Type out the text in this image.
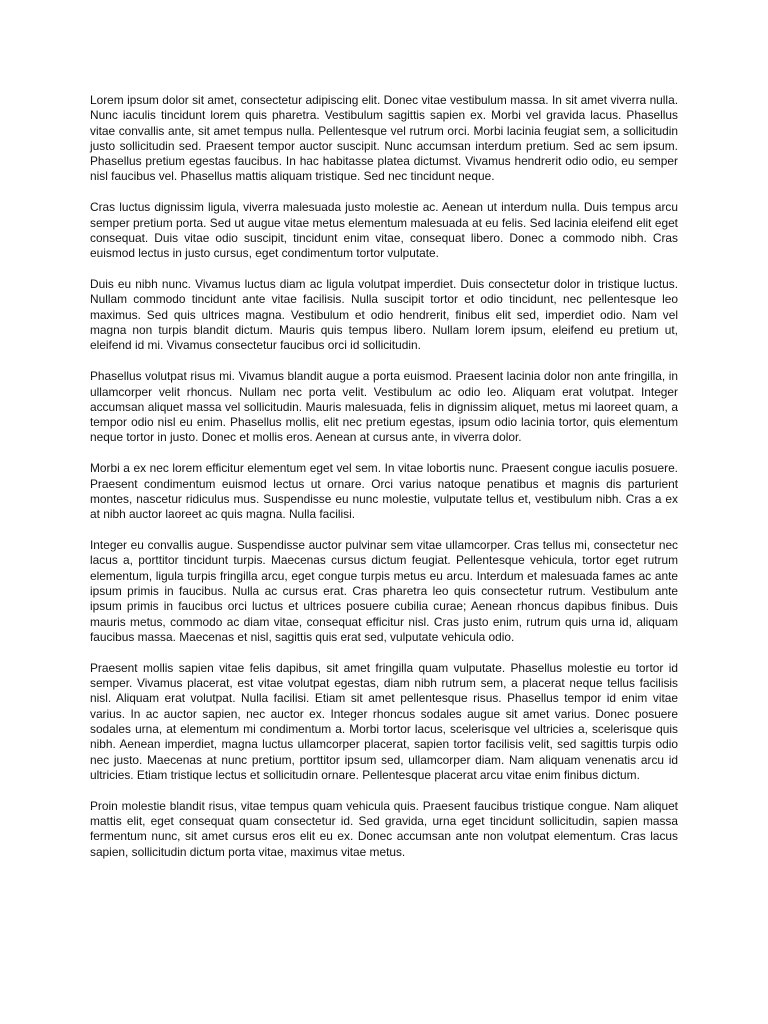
Lorem ipsum dolor sit amet, consectetur adipiscing elit. Donec vitae vestibulum massa. In sit amet viverra nulla. Nunc iaculis tincidunt lorem quis pharetra. Vestibulum sagittis sapien ex. Morbi vel gravida lacus. Phasellus vitae convallis ante, sit amet tempus nulla. Pellentesque vel rutrum orci. Morbi lacinia feugiat sem, a sollicitudin justo sollicitudin sed. Praesent tempor auctor suscipit. Nunc accumsan interdum pretium. Sed ac sem ipsum. Phasellus pretium egestas faucibus. In hac habitasse platea dictumst. Vivamus hendrerit odio odio, eu semper nisl faucibus vel. Phasellus mattis aliquam tristique. Sed nec tincidunt neque.

Cras luctus dignissim ligula, viverra malesuada justo molestie ac. Aenean ut interdum nulla. Duis tempus arcu semper pretium porta. Sed ut augue vitae metus elementum malesuada at eu felis. Sed lacinia eleifend elit eget consequat. Duis vitae odio suscipit, tincidunt enim vitae, consequat libero. Donec a commodo nibh. Cras euismod lectus in justo cursus, eget condimentum tortor vulputate.

Duis eu nibh nunc. Vivamus luctus diam ac ligula volutpat imperdiet. Duis consectetur dolor in tristique luctus. Nullam commodo tincidunt ante vitae facilisis. Nulla suscipit tortor et odio tincidunt, nec pellentesque leo maximus. Sed quis ultrices magna. Vestibulum et odio hendrerit, finibus elit sed, imperdiet odio. Nam vel magna non turpis blandit dictum. Mauris quis tempus libero. Nullam lorem ipsum, eleifend eu pretium ut, eleifend id mi. Vivamus consectetur faucibus orci id sollicitudin.

Phasellus volutpat risus mi. Vivamus blandit augue a porta euismod. Praesent lacinia dolor non ante fringilla, in ullamcorper velit rhoncus. Nullam nec porta velit. Vestibulum ac odio leo. Aliquam erat volutpat. Integer accumsan aliquet massa vel sollicitudin. Mauris malesuada, felis in dignissim aliquet, metus mi laoreet quam, a tempor odio nisl eu enim. Phasellus mollis, elit nec pretium egestas, ipsum odio lacinia tortor, quis elementum neque tortor in justo. Donec et mollis eros. Aenean at cursus ante, in viverra dolor.

Morbi a ex nec lorem efficitur elementum eget vel sem. In vitae lobortis nunc. Praesent congue iaculis posuere. Praesent condimentum euismod lectus ut ornare. Orci varius natoque penatibus et magnis dis parturient montes, nascetur ridiculus mus. Suspendisse eu nunc molestie, vulputate tellus et, vestibulum nibh. Cras a ex at nibh auctor laoreet ac quis magna. Nulla facilisi.

Integer eu convallis augue. Suspendisse auctor pulvinar sem vitae ullamcorper. Cras tellus mi, consectetur nec lacus a, porttitor tincidunt turpis. Maecenas cursus dictum feugiat. Pellentesque vehicula, tortor eget rutrum elementum, ligula turpis fringilla arcu, eget congue turpis metus eu arcu. Interdum et malesuada fames ac ante ipsum primis in faucibus. Nulla ac cursus erat. Cras pharetra leo quis consectetur rutrum. Vestibulum ante ipsum primis in faucibus orci luctus et ultrices posuere cubilia curae; Aenean rhoncus dapibus finibus. Duis mauris metus, commodo ac diam vitae, consequat efficitur nisl. Cras justo enim, rutrum quis urna id, aliquam faucibus massa. Maecenas et nisl, sagittis quis erat sed, vulputate vehicula odio.

Praesent mollis sapien vitae felis dapibus, sit amet fringilla quam vulputate. Phasellus molestie eu tortor id semper. Vivamus placerat, est vitae volutpat egestas, diam nibh rutrum sem, a placerat neque tellus facilisis nisl. Aliquam erat volutpat. Nulla facilisi. Etiam sit amet pellentesque risus. Phasellus tempor id enim vitae varius. In ac auctor sapien, nec auctor ex. Integer rhoncus sodales augue sit amet varius. Donec posuere sodales urna, at elementum mi condimentum a. Morbi tortor lacus, scelerisque vel ultricies a, scelerisque quis nibh. Aenean imperdiet, magna luctus ullamcorper placerat, sapien tortor facilisis velit, sed sagittis turpis odio nec justo. Maecenas at nunc pretium, porttitor ipsum sed, ullamcorper diam. Nam aliquam venenatis arcu id ultricies. Etiam tristique lectus et sollicitudin ornare. Pellentesque placerat arcu vitae enim finibus dictum.

Proin molestie blandit risus, vitae tempus quam vehicula quis. Praesent faucibus tristique congue. Nam aliquet mattis elit, eget consequat quam consectetur id. Sed gravida, urna eget tincidunt sollicitudin, sapien massa fermentum nunc, sit amet cursus eros elit eu ex. Donec accumsan ante non volutpat elementum. Cras lacus sapien, sollicitudin dictum porta vitae, maximus vitae metus.
